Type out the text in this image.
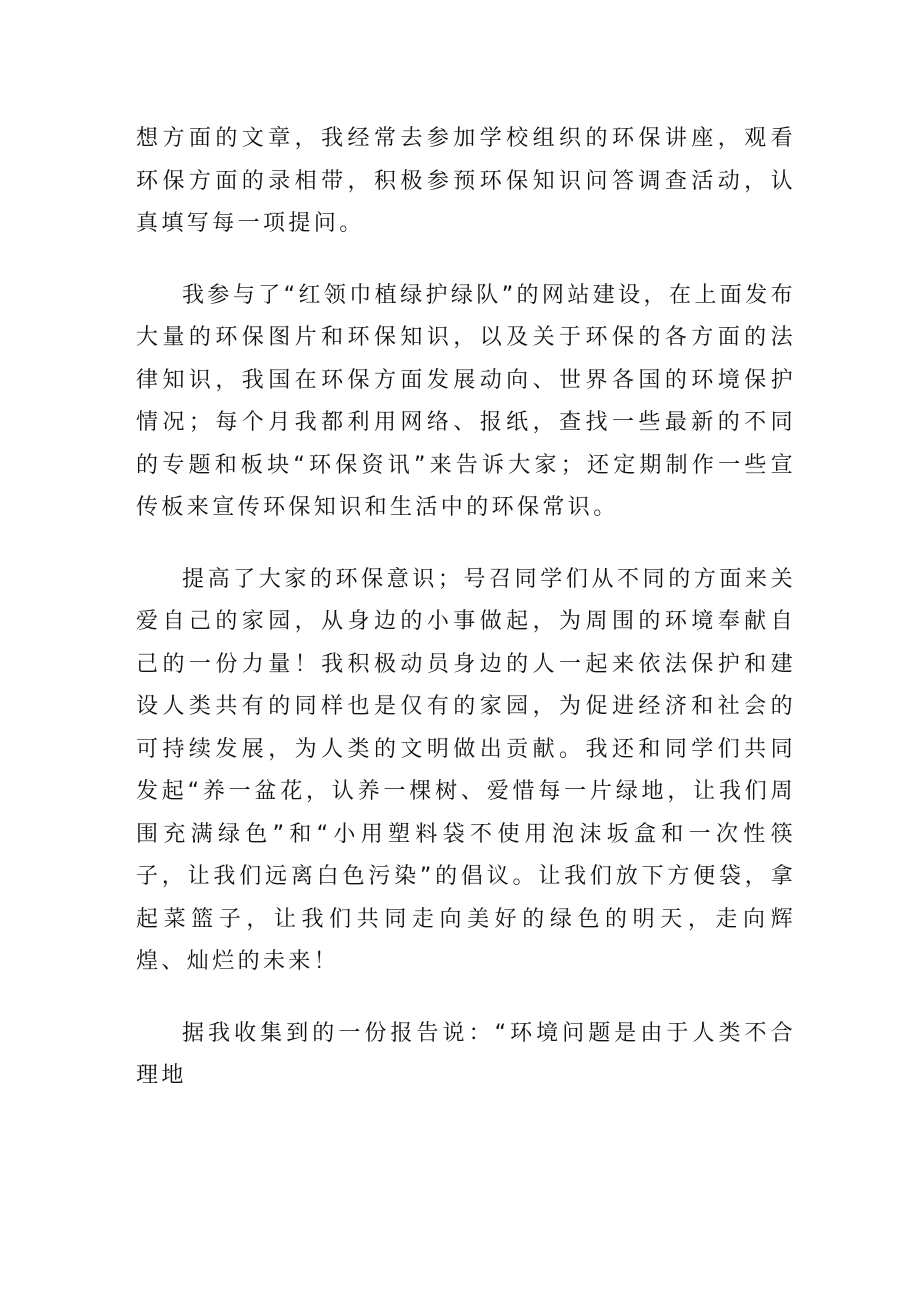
想方面的文章，我经常去参加学校组织的环保讲座，观看环保方面的录相带，积极参预环保知识问答调查活动，认真填写每一项提问。

我参与了“红领巾植绿护绿队”的网站建设，在上面发布大量的环保图片和环保知识，以及关于环保的各方面的法律知识，我国在环保方面发展动向、世界各国的环境保护情况；每个月我都利用网络、报纸，查找一些最新的不同的专题和板块“环保资讯”来告诉大家；还定期制作一些宣传板来宣传环保知识和生活中的环保常识。

提高了大家的环保意识；号召同学们从不同的方面来关爱自己的家园，从身边的小事做起，为周围的环境奉献自己的一份力量！我积极动员身边的人一起来依法保护和建设人类共有的同样也是仅有的家园，为促进经济和社会的可持续发展，为人类的文明做出贡献。我还和同学们共同发起“养一盆花，认养一棵树、爱惜每一片绿地，让我们周围充满绿色”和“小用塑料袋不使用泡沫坂盒和一次性筷子，让我们远离白色污染”的倡议。让我们放下方便袋，拿起菜篮子，让我们共同走向美好的绿色的明天，走向辉煌、灿烂的未来！

据我收集到的一份报告说：“环境问题是由于人类不合理地
